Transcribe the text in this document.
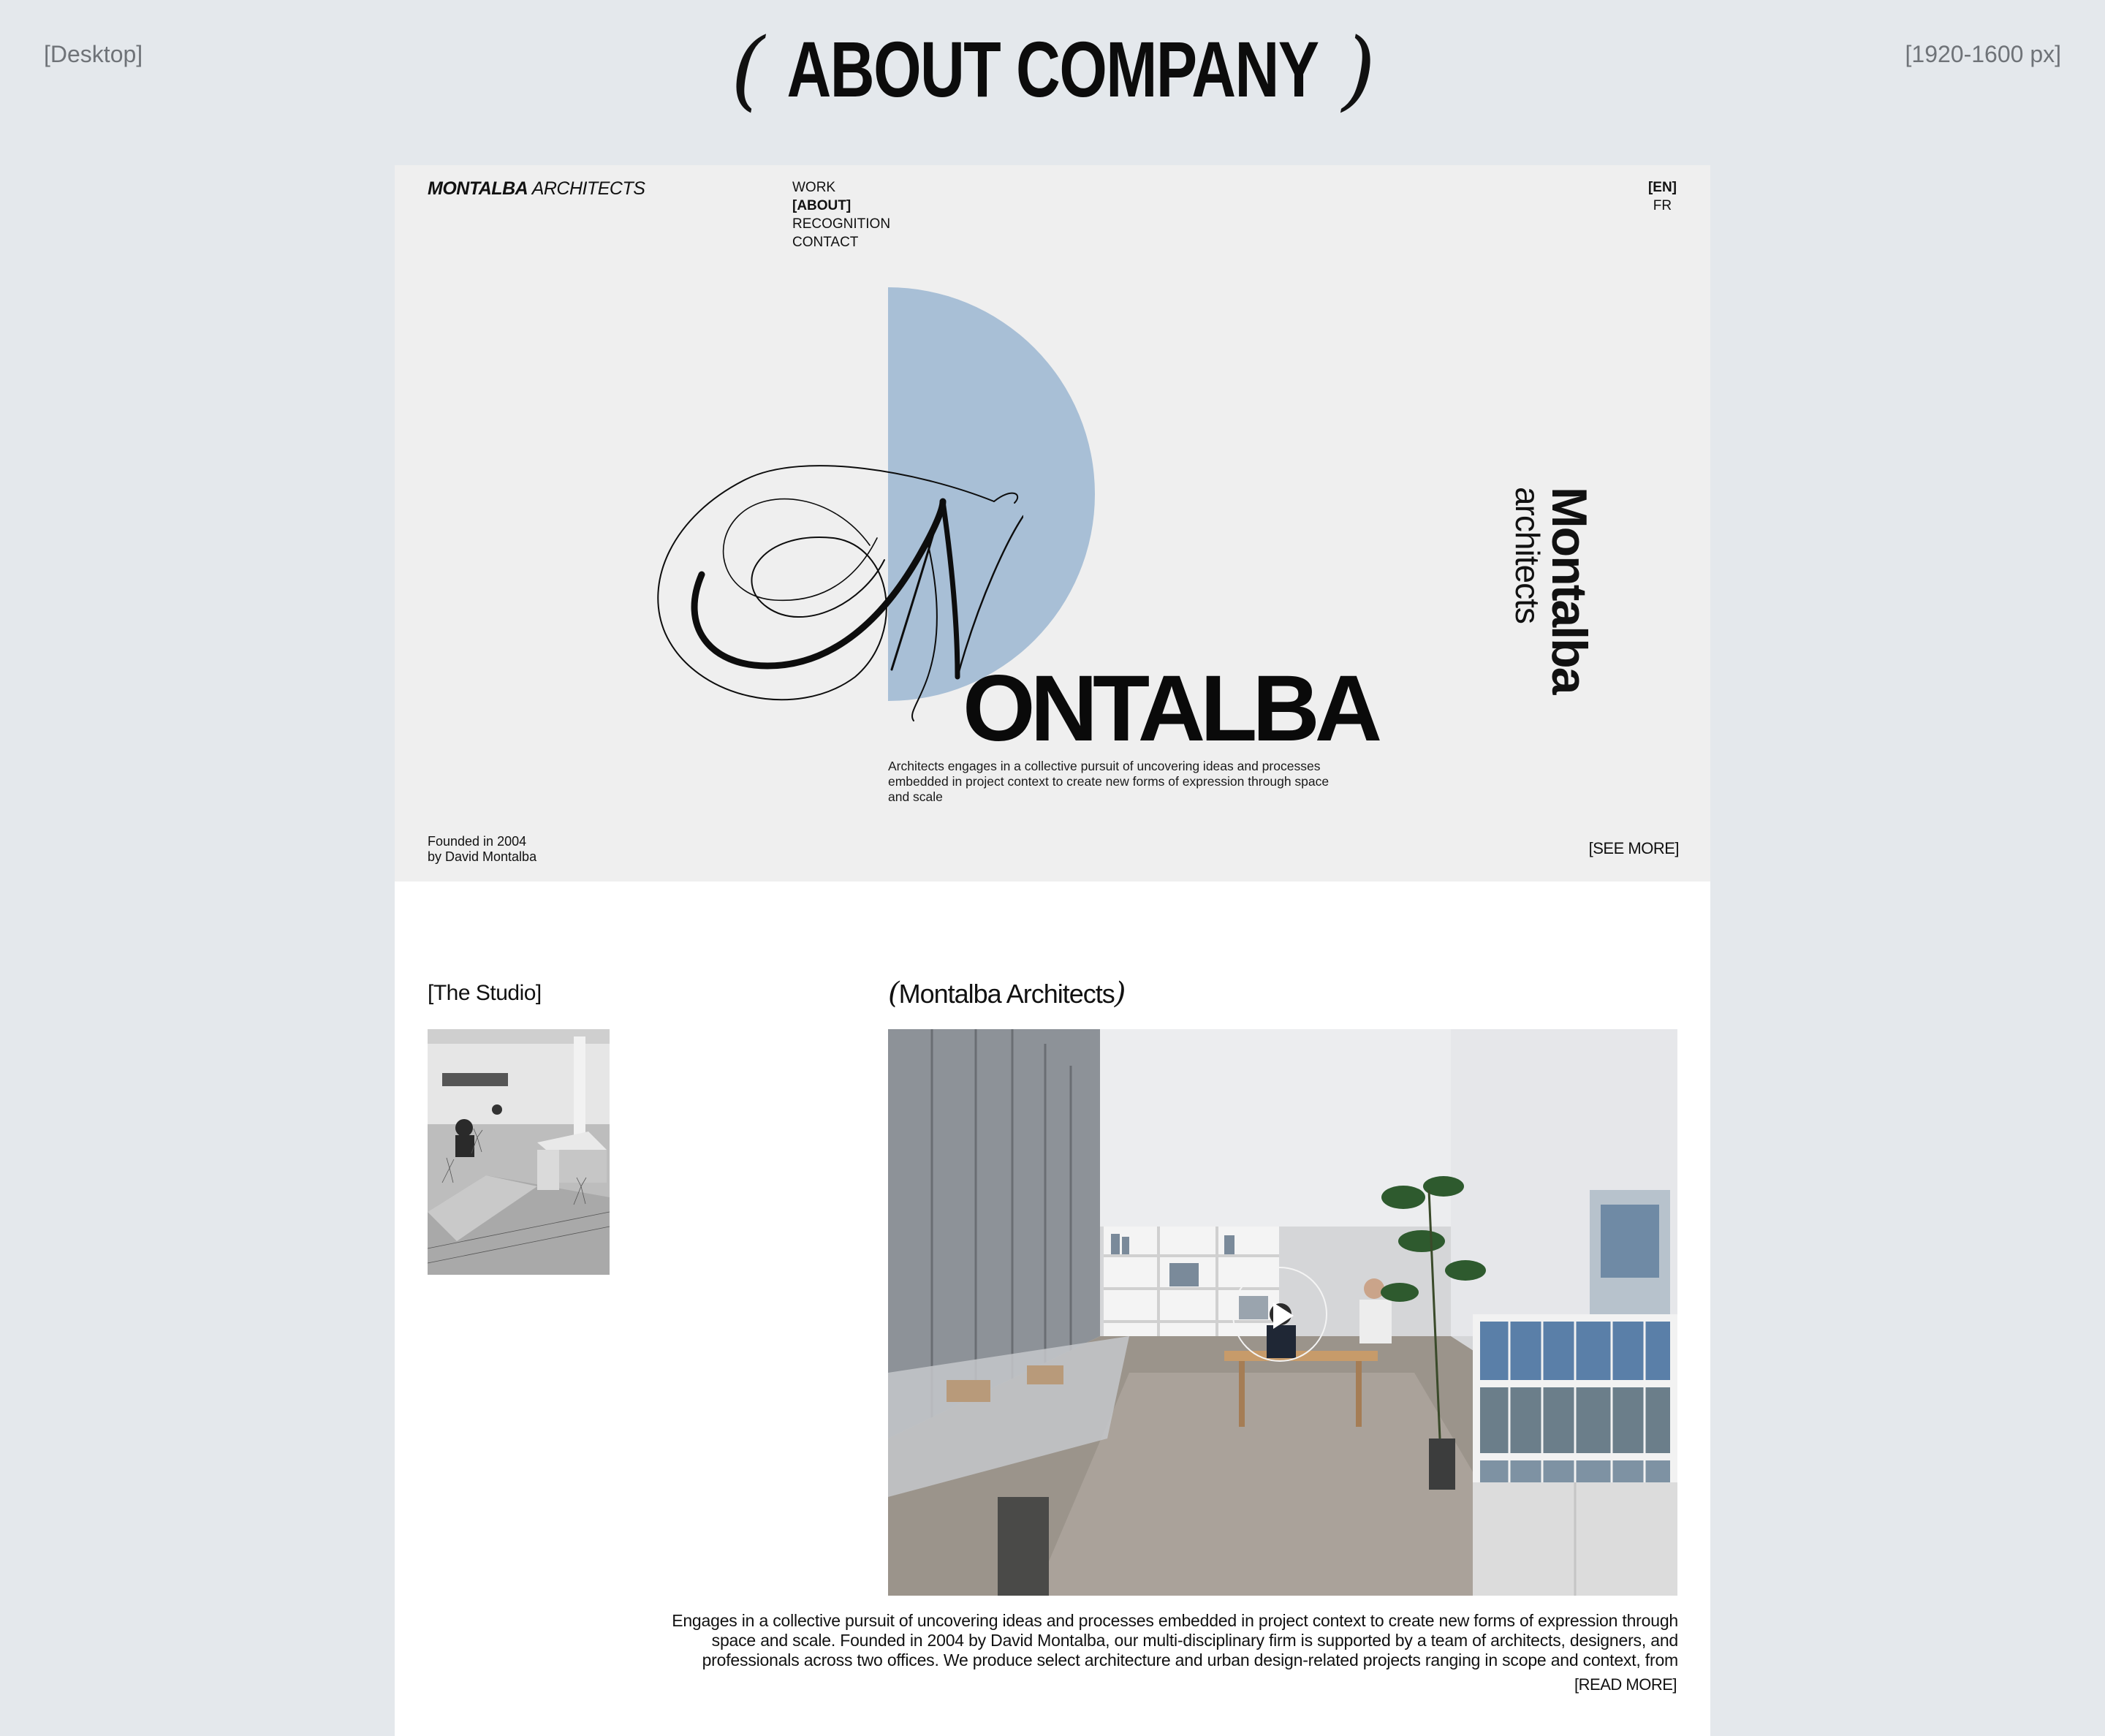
[Desktop]	( ABOUT COMPANY )	[1920-1600 px]
MONTALBA ARCHITECTS	WORK
[ABOUT]
RECOGNITION
CONTACT
[EN]
FR
ONTALBA
Architects engages in a collective pursuit of uncovering ideas and processes embedded in project context to create new forms of expression through space and scale
Montalba
architects
Founded in 2004
by David Montalba	[SEE MORE]
[The Studio]	(Montalba Architects)
Engages in a collective pursuit of uncovering ideas and processes embedded in project context to create new forms of expression through space and scale. Founded in 2004 by David Montalba, our multi-disciplinary firm is supported by a team of architects, designers, and professionals across two offices. We produce select architecture and urban design-related projects ranging in scope and context, from
[READ MORE]
